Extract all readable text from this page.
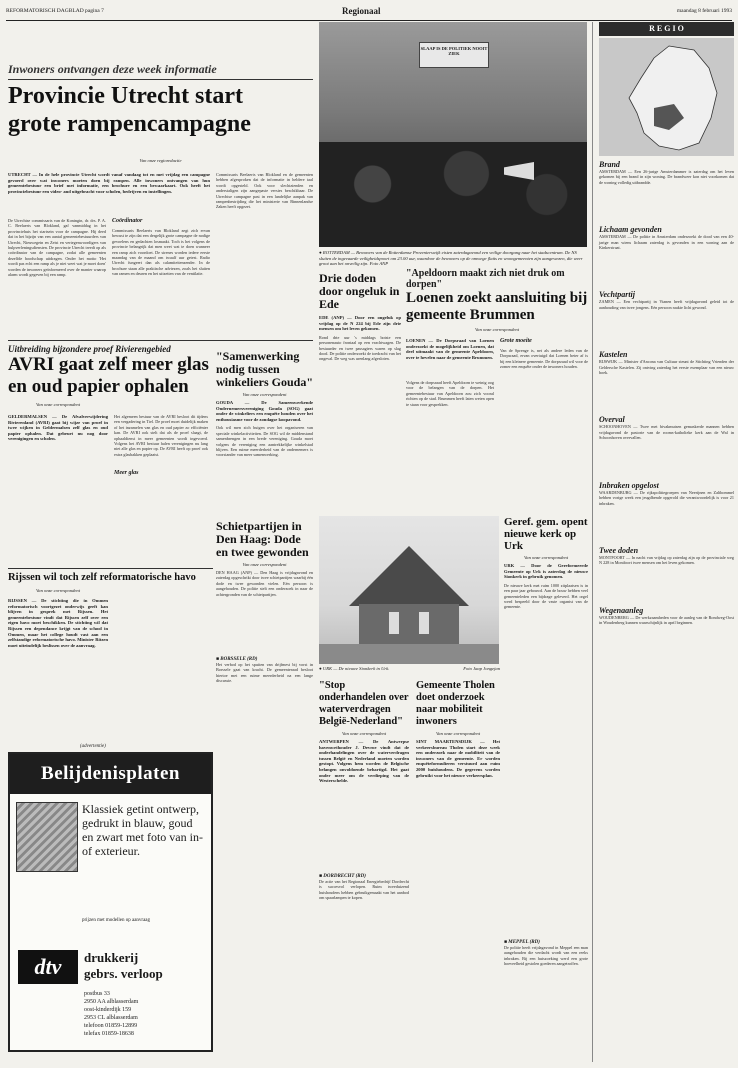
REFORMATORISCH DAGBLAD pagina 7	Regionaal	maandag 8 februari 1993
Inwoners ontvangen deze week informatie
Provincie Utrecht start
grote rampencampagne
Van onze regioredactie
UTRECHT — In de hele provincie Utrecht wordt vanaf vandaag tot en met vrijdag een campagne gevoerd over wat inwoners moeten doen bij rampen. Alle inwoners ontvangen van hun gemeentebestuur een brief met informatie, een brochure en een bewaarkaart. Ook heeft het provinciebestuur een video- and uitgebracht voor scholen, bedrijven en instellingen.
De Utrechtse commissaris van de Koningin, dr. drs. P. A. C. Beelaerts van Blokland, gaf vanmiddag in het provinciehuis het startsein voor de campagne. Hij deed dat in het bijzijn van een aantal gemeentebestuurders van Utrecht, Nieuwegein en Zeist en vertegenwoordigers van hulpverleningsdiensten. De provincie Utrecht treedt op als coördinator van de campagne, zodat alle gemeenten dezelfde boodschap uitdragen. Onder het motto 'Het wordt pas echt een ramp als je niet weet wat je moet doen' worden de inwoners geïnformeerd over de manier waarop alarm wordt gegeven bij een ramp.
Coördinator
Commissaris Beelaerts van Blokland zegt zich ervan bewust te zijn dat een dergelijk grote campagne de nodige gevoelens en gedachten losmaakt. Toch is het volgens de provincie belangrijk dat men weet wat te doen wanneer een ramp zich voordoet. De sirenes worden iedere eerste maandag van de maand om twaalf uur getest. Radio Utrecht fungeert dan als calamiteitenzender. In de brochure staan alle praktische adviezen, zoals het sluiten van ramen en deuren en het uitzetten van de ventilatie.
Commissaris Beelaerts van Blokland en de gemeenten hebben afgesproken dat de informatie in heldere taal wordt opgesteld. Ook voor slechtzienden en anderstaligen zijn aangepaste versies beschikbaar. De Utrechtse campagne past in een landelijke aanpak van rampenbestrijding die het ministerie van Binnenlandse Zaken heeft opgezet.
SLAAP IS DE POLITIEK NOOIT ZIEK
● ROTTERDAM — Bewoners van de Rotterdamse Provenierswijk eisten zaterdagavond een veilige doorgang naar het stadscentrum. De NS sluiten de ingevaarde veiligheidspoort om 23.00 uur, waardoor de bewoners op de omwege flatts en woongemeenten zijn aangewezen, die weer groot aan het onveilig zijn. Foto ANP
R E G I O
Brand
AMSTERDAM — Een 26-jarige Amsterdammer is zaterdag om het leven gekomen bij een brand in zijn woning. De brandweer kon niet voorkomen dat de woning volledig uitbrandde.
Lichaam gevonden
AMSTERDAM — De politie in Amsterdam onderzoekt de dood van een 40-jarige man wiens lichaam zaterdag is gevonden in een woning aan de Kinkerstraat.
Vechtpartij
ZAMEN — Een vechtpartij in Vianen heeft vrijdagavond geleid tot de aanhouding van twee jongens. Eén persoon raakte licht gewond.
Kastelen
RIJSWIJK — Minister d'Ancona van Cultuur steunt de Stichting Vrienden der Geldersche Kastelen. Zij ontving zaterdag het eerste exemplaar van een nieuw boek.
Overval
SCHOONHOVEN — Twee met bivakmutsen gemaskerde mannen hebben vrijdagavond de pastorie van de rooms-katholieke kerk aan de Wal in Schoonhoven overvallen.
Inbraken opgelost
WAARDENBURG — De rijkspolitiegroepen van Neerijnen en Zaltbommel hebben vorige week een jeugdbende opgerold die verantwoordelijk is voor 21 inbraken.
Twee doden
MONTFOORT — In nacht van vrijdag op zaterdag zijn op de provinciale weg N 228 in Montfoort twee mensen om het leven gekomen.
Wegenaanleg
WOUDENBERG — De werkzaamheden voor de aanleg van de Rondweg-Oost in Woudenberg kunnen waarschijnlijk in april beginnen.
Uitbreiding bijzondere proef Rivierengebied
AVRI gaat zelf meer glas
en oud papier ophalen
Van onze correspondent
GELDERMALSEN — De Afvalverwijdering Rivierenland (AVRI) gaat bij wijze van proef in twee wijken in Geldermalsen zelf glas en oud papier ophalen. Dat gebeurt nu nog door verenigingen en scholen.
Het algemeen bestuur van de AVRI besloot dit tijdens een vergadering in Tiel. De proef moet duidelijk maken of het inzamelen van glas en oud papier zo efficiënter kan. De AVRI ook stelt dat als de proef slaagt, de ophaaldienst in meer gemeenten wordt ingevoerd. Volgens het AVRI bestuur halen verenigingen nu lang niet alle glas en papier op. De AVRI heeft op proef ook extra glasbakken geplaatst.
Meer glas
Rijssen wil toch zelf reformatorische havo
Van onze correspondent
RIJSSEN — De stichting die in Ommen reformatorisch voortgezet onderwijs geeft kan blijven in gesprek met Rijssen. Het gemeentebestuur vindt dat Rijssen zelf over een eigen havo moet beschikken. De stichting wil dat Rijssen een dependance krijgt van de school in Ommen, maar het college houdt vast aan een zelfstandige reformatorische havo. Minister Ritzen moet uiteindelijk beslissen over de aanvraag.
"Samenwerking nodig tussen winkeliers Gouda"
Van onze correspondent
GOUDA — De Sameenwerkende Ondernemersvereniging Gouda (SOG) gaat onder de winkeliers een enquête houden over het enthousiasme voor de zondagse koopavond.
Ook wil men zich buigen over het organiseren van speciale winkelactiviteiten. De SOG wil de middenstand samenbrengen in een brede vereniging. Gouda moet volgens de vereniging een aantrekkelijke winkelstad blijven. Een ruime meerderheid van de ondernemers is voorstander van meer samenwerking.
Schietpartijen in Den Haag: Dode en twee gewonden
Van onze correspondent
DEN HAAG (ANP) — Den Haag is vrijdagavond en zaterdag opgeschrikt door twee schietpartijen waarbij één dode en twee gewonden vielen. Eén persoon is aangehouden. De politie stelt een onderzoek in naar de achtergronden van de schietpartijen.
■ BORSSELE (RD)
Het verbod op het spuiten van drijfmest bij vorst in Borssele gaat van kracht. De gemeenteraad besloot hiertoe met een ruime meerderheid na een lange discussie.
(advertentie)
Belijdenisplaten
Klassiek getint ontwerp, gedrukt in blauw, goud en zwart met foto van in- of exterieur.
prijzen met modellen op aanvraag
dtv	drukkerij
gebrs. verloop
postbus 33
2950 AA alblasserdam
oost-kinderdijk 159
2953 CL alblasserdam
telefoon 01859-12899
telefax 01859-18638
Drie doden door ongeluk in Ede
EDE (ANP) — Door een ongeluk op vrijdag op de N 224 bij Ede zijn drie mensen om het leven gekomen.
Rond drie uur 's middags botste een personenauto frontaal op een vrachtwagen. De bestuurder en twee passagiers waren op slag dood. De politie onderzoekt de toedracht van het ongeval. De weg was urenlang afgesloten.
"Apeldoorn maakt zich niet druk om dorpen"
Loenen zoekt aansluiting bij gemeente Brummen
Van onze correspondent
LOENEN — De Dorpsraad van Loenen onderzoekt de mogelijkheid om Loenen, dat deel uitmaakt van de gemeente Apeldoorn, over te hevelen naar de gemeente Brummen.
Volgens de dorpsraad heeft Apeldoorn te weinig oog voor de belangen van de dorpen. Het gemeentebestuur van Apeldoorn zou zich vooral richten op de stad. Brummen heeft laten weten open te staan voor gesprekken.
Grote moeite
Van de Sprenge is, net als andere leden van de Dorpsraad, ervan overtuigd dat Loenen beter af is bij een kleinere gemeente. De dorpsraad wil voor de zomer een enquête onder de inwoners houden.
● URK — De nieuwe Sionkerk in Urk.	Foto Jaap Jongejan
Geref. gem. opent
nieuwe kerk op Urk
Van onze correspondent
URK — Door de Gereformeerde Gemeente op Urk is zaterdag de nieuwe Sionkerk in gebruik genomen.
De nieuwe kerk met ruim 1000 zitplaatsen is in een paar jaar gebouwd. Aan de bouw hebben veel gemeenteleden een bijdrage geleverd. Het orgel werd bespeeld door de vaste organist van de gemeente.
"Stop onderhandelen over waterverdragen België-Nederland"
Van onze correspondent
ANTWERPEN — De Antwerpse havenwethouder J. Devroe vindt dat de onderhandelingen over de waterverdragen tussen België en Nederland moeten worden gestopt. Volgens hem worden de Belgische belangen onvoldoende behartigd. Het gaat onder meer om de verdieping van de Westerschelde.
■ DORDRECHT (RD)
De actie van het Regionaal Energiebedrijf Dordrecht is succesvol verlopen. Ruim tweeduizend huishoudens hebben gebruikgemaakt van het aanbod om spaarlampen te kopen.
Gemeente Tholen doet onderzoek naar mobiliteit inwoners
Van onze correspondent
SINT MAARTENSDIJK — Het verkeersbureau Tholen start deze week een onderzoek naar de mobiliteit van de inwoners van de gemeente. Er worden enquêteformulieren verstuurd aan ruim 2000 huishoudens. De gegevens worden gebruikt voor het nieuwe verkeersplan.
■ MEPPEL (RD)
De politie heeft vrijdagavond in Meppel een man aangehouden die verdacht wordt van een reeks inbraken. Bij een huiszoeking werd een grote hoeveelheid gestolen goederen aangetroffen.
